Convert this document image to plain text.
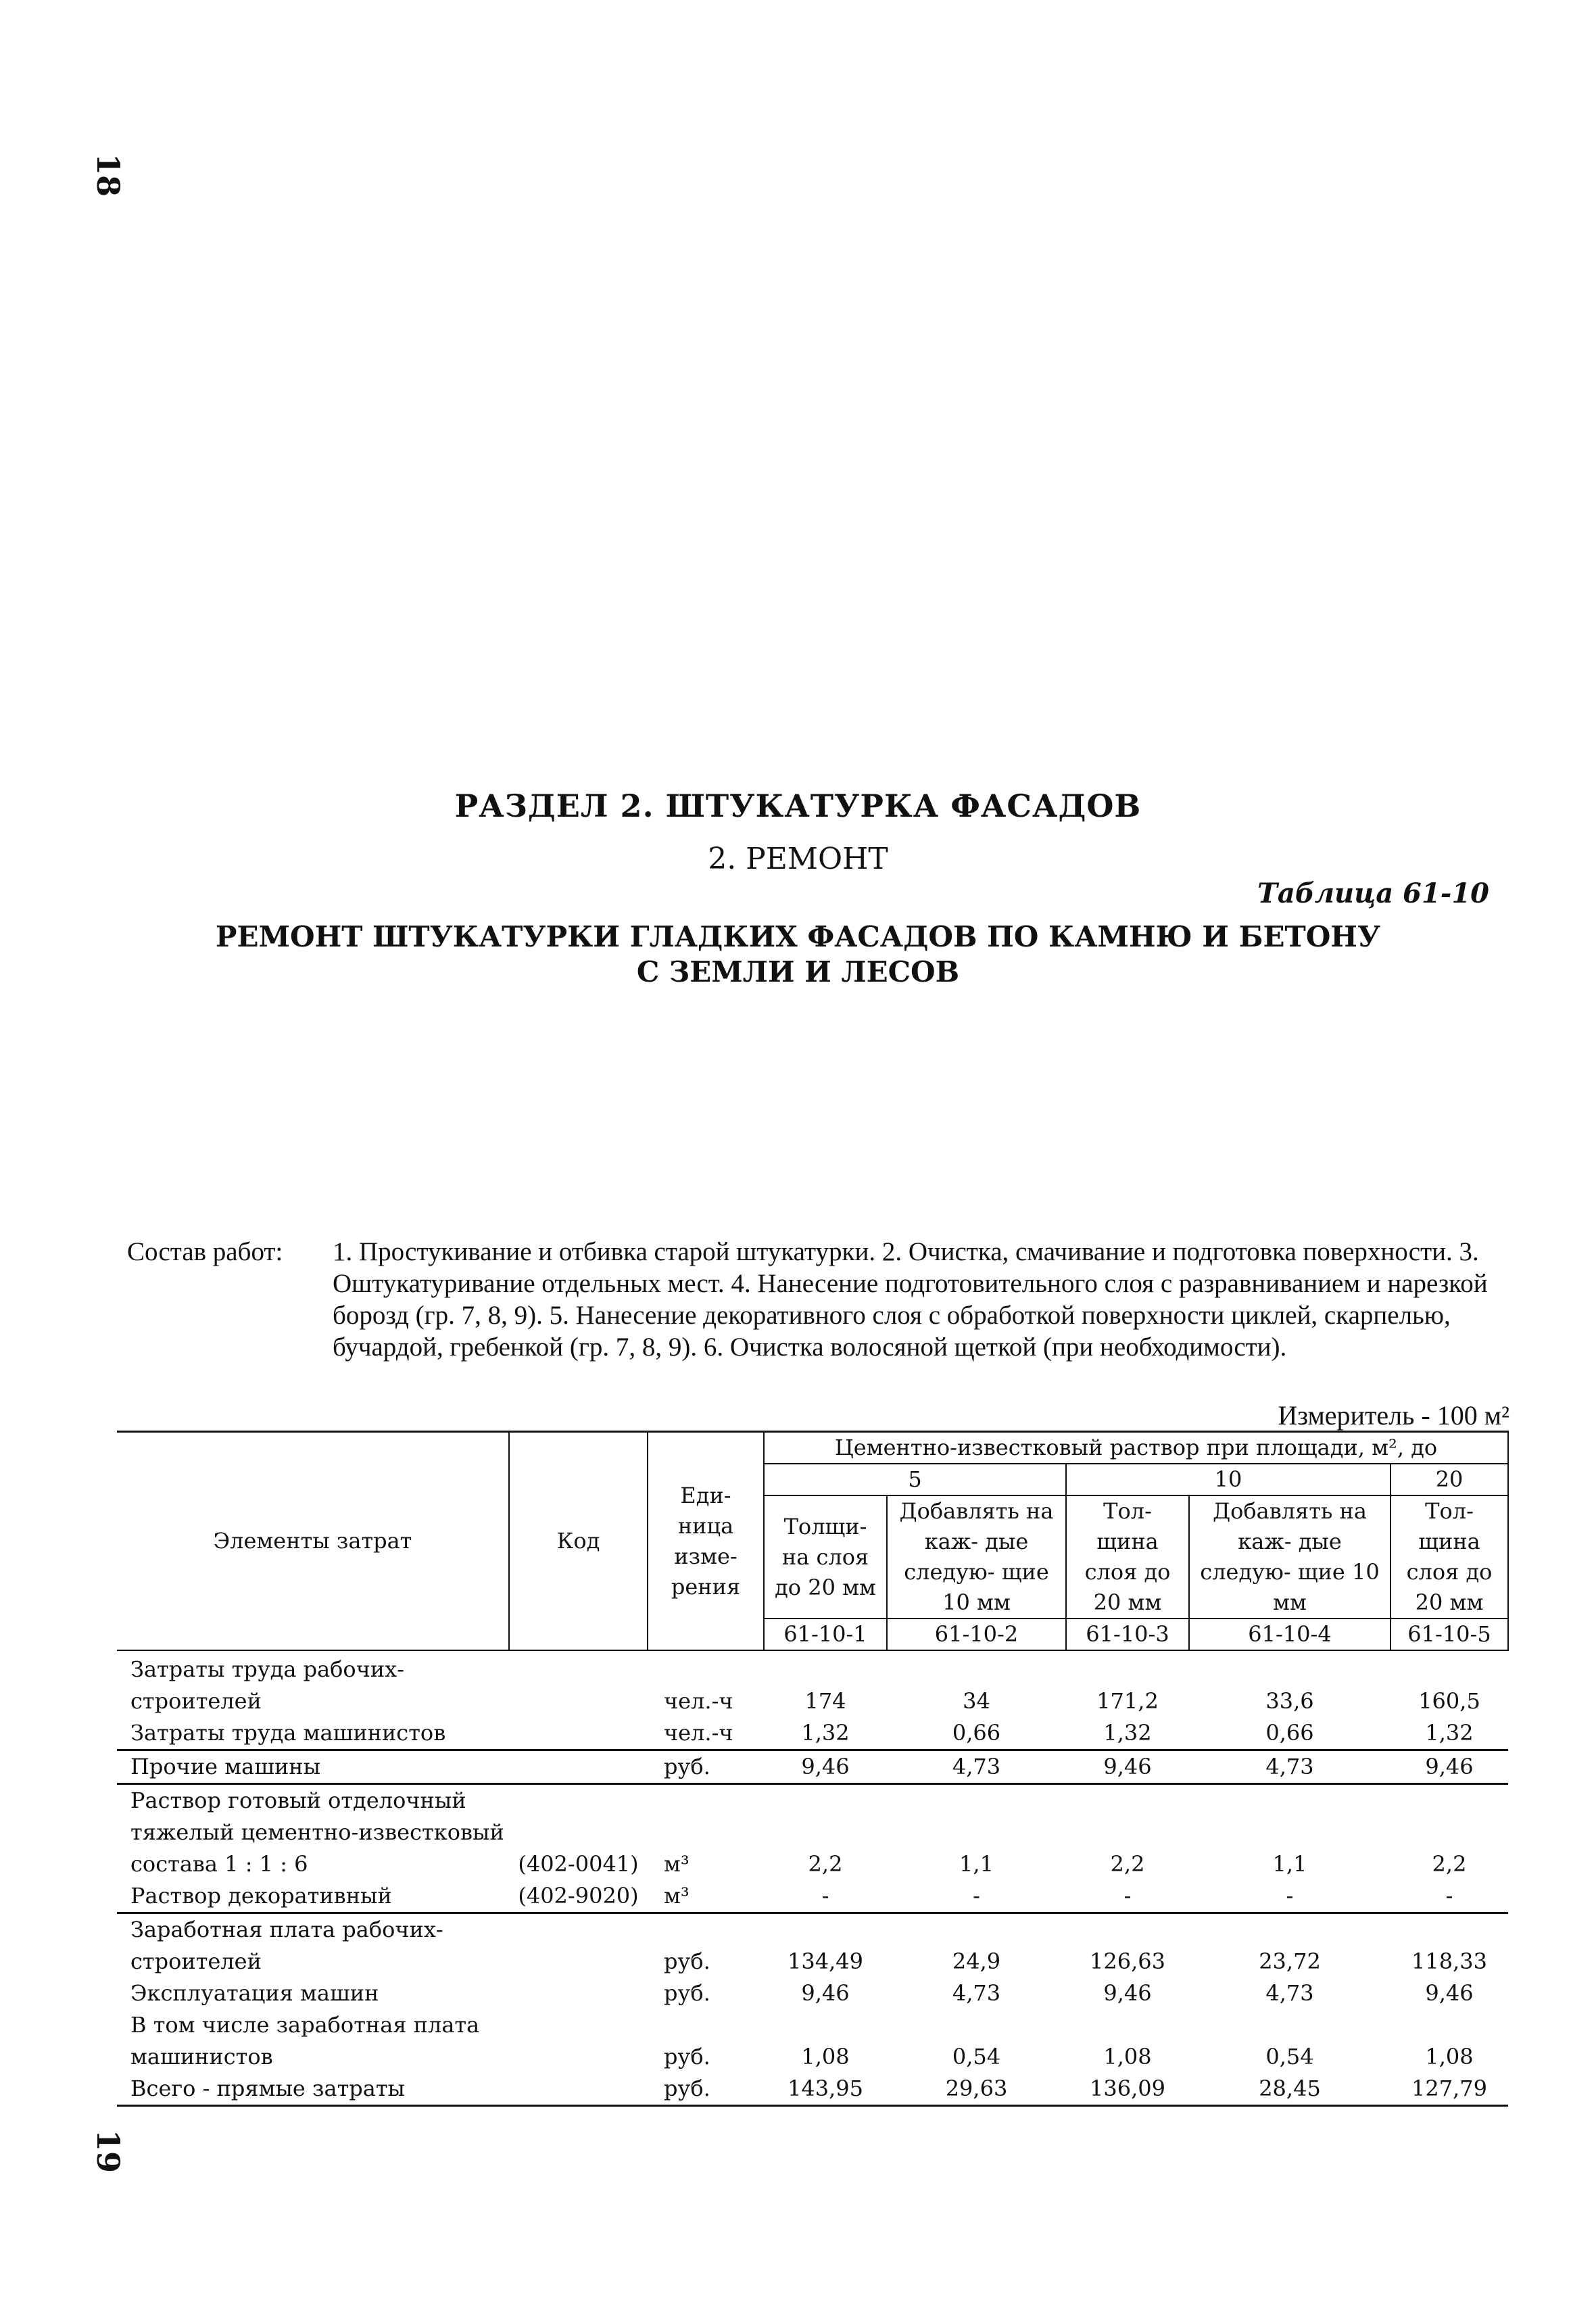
18
РАЗДЕЛ 2. ШТУКАТУРКА ФАСАДОВ
2. РЕМОНТ
Таблица 61-10
РЕМОНТ ШТУКАТУРКИ ГЛАДКИХ ФАСАДОВ ПО КАМНЮ И БЕТОНУ
С ЗЕМЛИ И ЛЕСОВ
Состав работ: 1. Простукивание и отбивка старой штукатурки. 2. Очистка, смачивание и подготовка поверхности. 3. Оштукатуривание отдельных мест. 4. Нанесение подготовительного слоя с разравниванием и нарезкой борозд (гр. 7, 8, 9). 5. Нанесение декоративного слоя с обработкой поверхности циклей, скарпелью, бучардой, гребенкой (гр. 7, 8, 9). 6. Очистка волосяной щеткой (при необходимости).

Измеритель - 100 м²
Элементы затрат	Код	Еди- ница изме- рения	Цементно-известковый раствор при площади, м², до				
			5		10		20
			Толщи- на слоя до 20 мм	Добавлять на каж- дые следую- щие 10 мм	Тол- щина слоя до 20 мм	Добавлять на каж- дые следую- щие 10 мм	Тол- щина слоя до 20 мм
			61-10-1	61-10-2	61-10-3	61-10-4	61-10-5
Затраты труда рабочих-строителей		чел.-ч	174	34	171,2	33,6	160,5
Затраты труда машинистов		чел.-ч	1,32	0,66	1,32	0,66	1,32
Прочие машины		руб.	9,46	4,73	9,46	4,73	9,46
Раствор готовый отделочный тяжелый цементно-известковый состава 1 : 1 : 6	(402-0041)	м³	2,2	1,1	2,2	1,1	2,2
Раствор декоративный	(402-9020)	м³	-	-	-	-	-
Заработная плата рабочих-строителей		руб.	134,49	24,9	126,63	23,72	118,33
Эксплуатация машин		руб.	9,46	4,73	9,46	4,73	9,46
В том числе заработная плата машинистов		руб.	1,08	0,54	1,08	0,54	1,08
Всего - прямые затраты		руб.	143,95	29,63	136,09	28,45	127,79
19
